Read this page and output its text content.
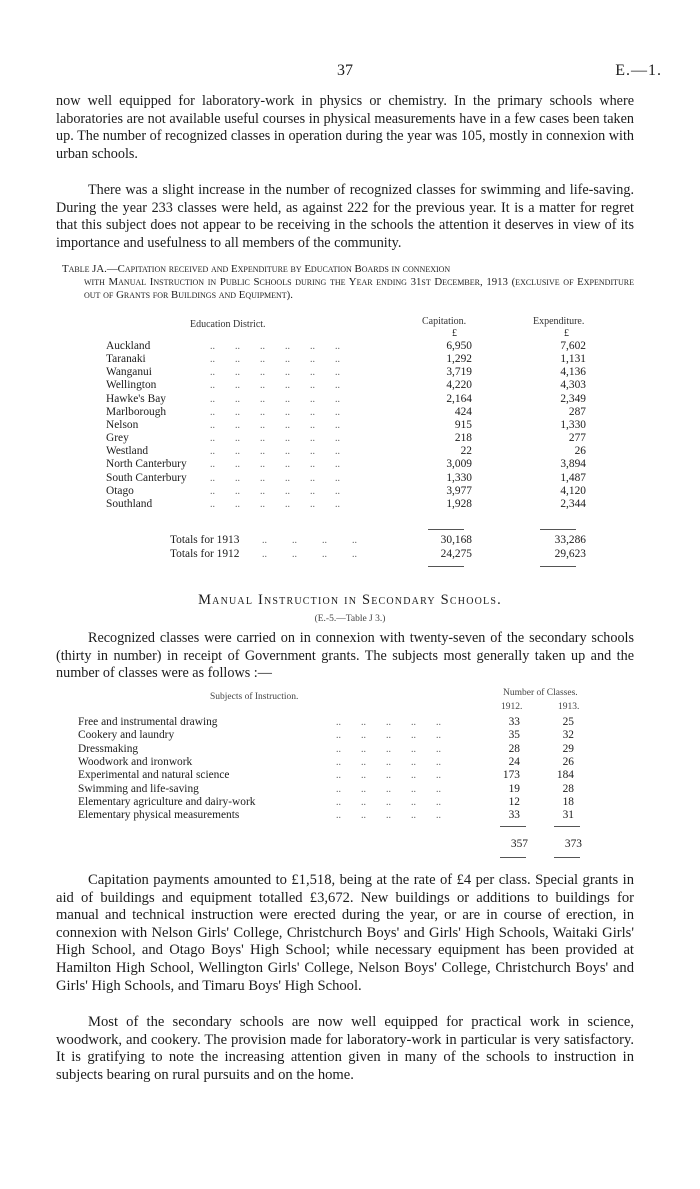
37	E.—1.

now well equipped for laboratory-work in physics or chemistry. In the primary schools where laboratories are not available useful courses in physical measurements have in a few cases been taken up. The number of recognized classes in operation during the year was 105, mostly in connexion with urban schools.

There was a slight increase in the number of recognized classes for swimming and life-saving. During the year 233 classes were held, as against 222 for the previous year. It is a matter for regret that this subject does not appear to be receiving in the schools the attention it deserves in view of its importance and usefulness to all members of the community.

Table JA.—Capitation received and Expenditure by Education Boards in connexion
with Manual Instruction in Public Schools during the Year ending 31st December, 1913 (exclusive of Expenditure out of Grants for Buildings and Equipment).

Education District.	Capitation.	Expenditure.
£	£
Auckland	..        ..        ..        ..        ..        ..	6,950	7,602
Taranaki	..        ..        ..        ..        ..        ..	1,292	1,131
Wanganui	..        ..        ..        ..        ..        ..	3,719	4,136
Wellington	..        ..        ..        ..        ..        ..	4,220	4,303
Hawke's Bay	..        ..        ..        ..        ..        ..	2,164	2,349
Marlborough	..        ..        ..        ..        ..        ..	424	287
Nelson	..        ..        ..        ..        ..        ..	915	1,330
Grey	..        ..        ..        ..        ..        ..	218	277
Westland	..        ..        ..        ..        ..        ..	22	26
North Canterbury ..        ..        ..        ..        ..        ..	3,009	3,894
South Canterbury ..        ..        ..        ..        ..        ..	1,330	1,487
Otago	..        ..        ..        ..        ..        ..	3,977	4,120
Southland	..        ..        ..        ..        ..        ..	1,928	2,344
Totals for 1913 ..          ..          ..          ..	30,168	33,286
Totals for 1912 ..          ..          ..          ..	24,275	29,623
Manual Instruction in Secondary Schools.
(E.-5.—Table J 3.)

Recognized classes were carried on in connexion with twenty-seven of the secondary schools (thirty in number) in receipt of Government grants. The subjects most generally taken up and the number of classes were as follows :—

Subjects of Instruction.	Number of Classes.
1912.	1913.
Free and instrumental drawing	..        ..        ..        ..        ..	33	25
Cookery and laundry	..        ..        ..        ..        ..	35	32
Dressmaking	..        ..        ..        ..        ..	28	29
Woodwork and ironwork	..        ..        ..        ..        ..	24	26
Experimental and natural science	..        ..        ..        ..        ..	173	184
Swimming and life-saving	..        ..        ..        ..        ..	19	28
Elementary agriculture and dairy-work	..        ..        ..        ..        ..	12	18
Elementary physical measurements	..        ..        ..        ..        ..	33	31
357	373

Capitation payments amounted to £1,518, being at the rate of £4 per class. Special grants in aid of buildings and equipment totalled £3,672. New buildings or additions to buildings for manual and technical instruction were erected during the year, or are in course of erection, in connexion with Nelson Girls' College, Christchurch Boys' and Girls' High Schools, Waitaki Girls' High School, and Otago Boys' High School; while necessary equipment has been provided at Hamilton High School, Wellington Girls' College, Nelson Boys' College, Christchurch Boys' and Girls' High Schools, and Timaru Boys' High School.

Most of the secondary schools are now well equipped for practical work in science, woodwork, and cookery. The provision made for laboratory-work in particular is very satisfactory. It is gratifying to note the increasing attention given in many of the schools to instruction in subjects bearing on rural pursuits and on the home.
